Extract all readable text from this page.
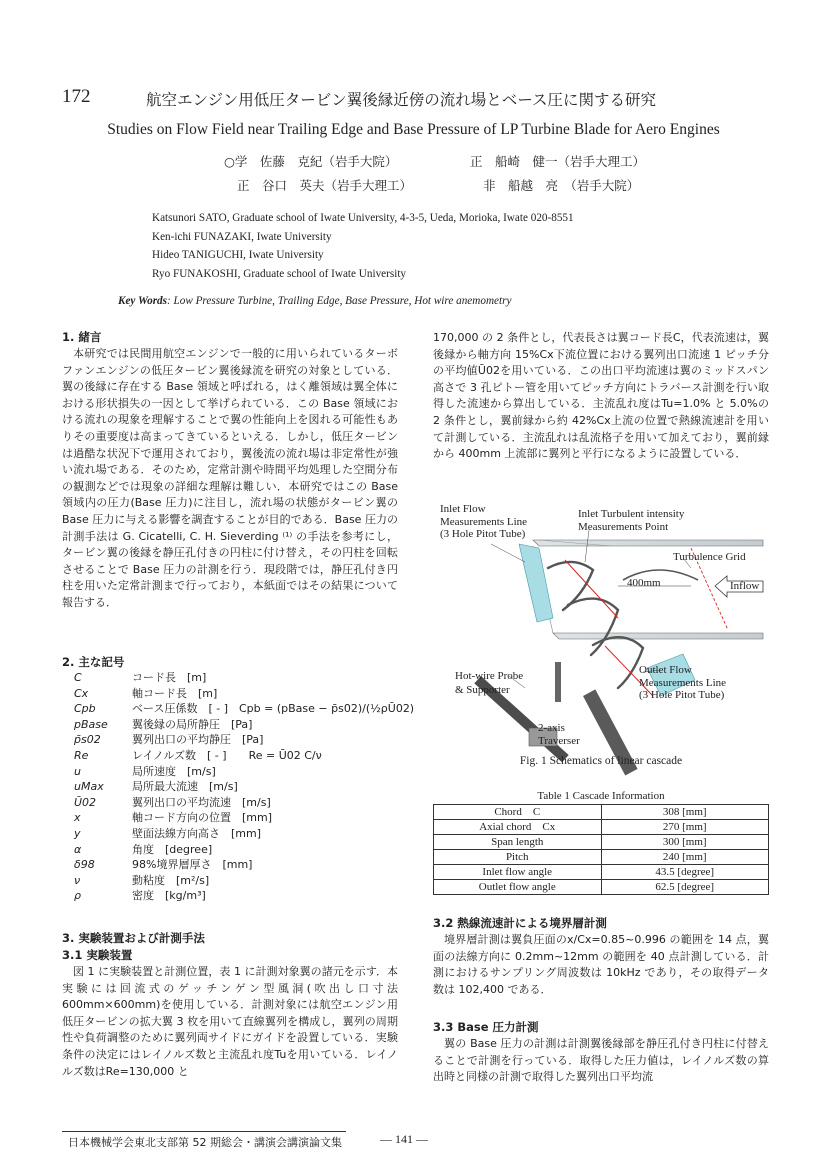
172	航空エンジン用低圧タービン翼後縁近傍の流れ場とベース圧に関する研究
Studies on Flow Field near Trailing Edge and Base Pressure of LP Turbine Blade for Aero Engines
○学　佐藤　克紀（岩手大院）	正　船崎　健一（岩手大理工）
正　谷口　英夫（岩手大理工）	非　船越　亮　（岩手大院）
Katsunori SATO, Graduate school of Iwate University, 4-3-5, Ueda, Morioka, Iwate 020-8551
Ken-ichi FUNAZAKI, Iwate University
Hideo TANIGUCHI, Iwate University
Ryo FUNAKOSHI, Graduate school of Iwate University
Key Words: Low Pressure Turbine, Trailing Edge, Base Pressure, Hot wire anemometry
1. 緒言
本研究では民間用航空エンジンで一般的に用いられているターボファンエンジンの低圧タービン翼後縁流を研究の対象としている．翼の後縁に存在する Base 領域と呼ばれる，はく離領域は翼全体における形状損失の一因として挙げられている．この Base 領域における流れの現象を理解することで翼の性能向上を図れる可能性もありその重要度は高まってきているといえる．しかし，低圧タービンは過酷な状況下で運用されており，翼後流の流れ場は非定常性が強い流れ場である．そのため，定常計測や時間平均処理した空間分布の観測などでは現象の詳細な理解は難しい．本研究ではこの Base 領域内の圧力(Base 圧力)に注目し，流れ場の状態がタービン翼の Base 圧力に与える影響を調査することが目的である．Base 圧力の計測手法は G. Cicatelli, C. H. Sieverding ⁽¹⁾ の手法を参考にし，タービン翼の後縁を静圧孔付きの円柱に付け替え，その円柱を回転させることで Base 圧力の計測を行う．現段階では，静圧孔付き円柱を用いた定常計測まで行っており，本紙面ではその結果について報告する．
2. 主な記号
C	コード長　[m]
Cx	軸コード長　[m]
Cpb	ベース圧係数　[ - ]　Cpb = (pBase − p̄s02)/(½ρŪ02)
pBase 翼後縁の局所静圧　[Pa]
p̄s02	翼列出口の平均静圧　[Pa]
Re	レイノルズ数　[ - ]　　Re = Ū02 C/ν
u	局所速度　[m/s]
uMax	局所最大流速　[m/s]
Ū02	翼列出口の平均流速　[m/s]
x	軸コード方向の位置　[mm]
y	壁面法線方向高さ　[mm]
α	角度　[degree]
δ98	98%境界層厚さ　[mm]
ν	動粘度　[m²/s]
ρ	密度　[kg/m³]
3. 実験装置および計測手法
3.1 実験装置
図 1 に実験装置と計測位置，表 1 に計測対象翼の諸元を示す．本実験には回流式のゲッチンゲン型風洞(吹出し口寸法 600mm×600mm)を使用している．計測対象には航空エンジン用低圧タービンの拡大翼 3 枚を用いて直線翼列を構成し，翼列の周期性や負荷調整のために翼列両サイドにガイドを設置している．実験条件の決定にはレイノルズ数と主流乱れ度Tuを用いている．レイノルズ数はRe=130,000 と
170,000 の 2 条件とし，代表長さは翼コード長C，代表流速は，翼後縁から軸方向 15%Cx下流位置における翼列出口流速 1 ピッチ分の平均値Ū02を用いている．この出口平均流速は翼のミッドスパン高さで 3 孔ピトー管を用いてピッチ方向にトラバース計測を行い取得した流速から算出している．主流乱れ度はTu=1.0% と 5.0%の 2 条件とし，翼前縁から約 42%Cx上流の位置で熱線流速計を用いて計測している．主流乱れは乱流格子を用いて加えており，翼前縁から 400mm 上流部に翼列と平行になるように設置している．
Inlet Flow
Measurements Line
(3 Hole Pitot Tube)
Inlet Turbulent intensity
Measurements Point
Turbulence Grid
400mm	Inflow
Hot-wire Probe
& Supporter
Outlet Flow
Measurements Line
(3 Hole Pitot Tube)
2-axis
Traverser
Fig. 1 Schematics of linear cascade
Table 1 Cascade Information
Chord　C	308 [mm]
Axial chord　Cx	270 [mm]
Span length	300 [mm]
Pitch	240 [mm]
Inlet flow angle	43.5 [degree]
Outlet flow angle	62.5 [degree]
3.2 熱線流速計による境界層計測
境界層計測は翼負圧面のx/Cx=0.85~0.996 の範囲を 14 点，翼面の法線方向に 0.2mm~12mm の範囲を 40 点計測している．計測におけるサンプリング周波数は 10kHz であり，その取得データ数は 102,400 である．
3.3 Base 圧力計測
翼の Base 圧力の計測は計測翼後縁部を静圧孔付き円柱に付替えることで計測を行っている．取得した圧力値は，レイノルズ数の算出時と同様の計測で取得した翼列出口平均流
日本機械学会東北支部第 52 期総会・講演会講演論文集	― 141 ―
